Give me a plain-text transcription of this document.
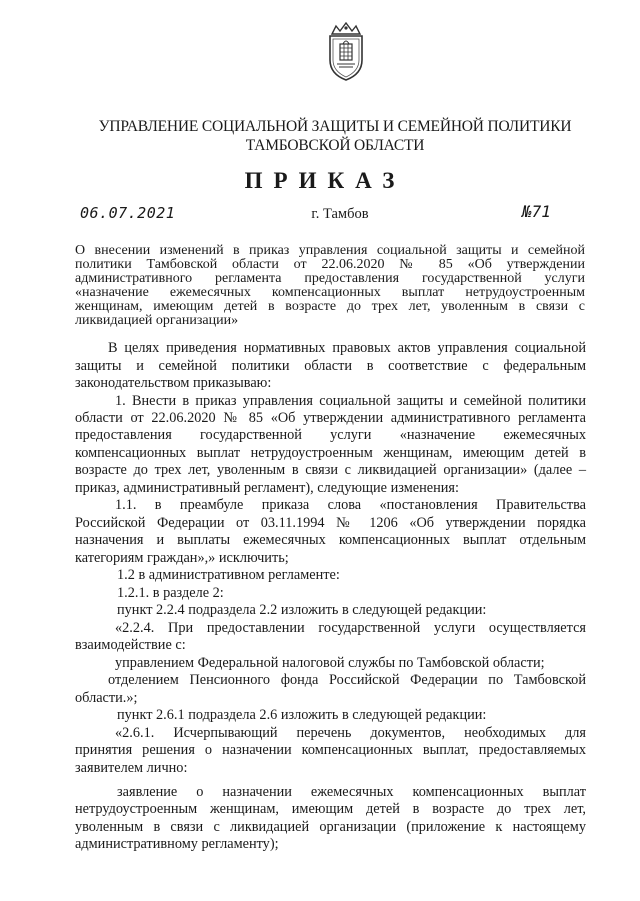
УПРАВЛЕНИЕ СОЦИАЛЬНОЙ ЗАЩИТЫ И СЕМЕЙНОЙ ПОЛИТИКИ
ТАМБОВСКОЙ ОБЛАСТИ
ПРИКАЗ
06.07.2021	г. Тамбов	№71
О внесении изменений в приказ управления социальной защиты и семейной
политики Тамбовской области от 22.06.2020 № 85 «Об утверждении
административного регламента предоставления государственной услуги
«назначение ежемесячных компенсационных выплат нетрудоустроенным
женщинам, имеющим детей в возрасте до трех лет, уволенным в связи с
ликвидацией организации»
В целях приведения нормативных правовых актов управления социальной
защиты и семейной политики области в соответствие с федеральным
законодательством приказываю:
1. Внести в приказ управления социальной защиты и семейной политики
области от 22.06.2020 № 85 «Об утверждении административного регламента
предоставления государственной услуги «назначение ежемесячных
компенсационных выплат нетрудоустроенным женщинам, имеющим детей в
возрасте до трех лет, уволенным в связи с ликвидацией организации» (далее –
приказ, административный регламент), следующие изменения:
1.1. в преамбуле приказа слова «постановления Правительства
Российской Федерации от 03.11.1994 № 1206 «Об утверждении порядка
назначения и выплаты ежемесячных компенсационных выплат отдельным
категориям граждан»,» исключить;
1.2 в административном регламенте:
1.2.1. в разделе 2:
пункт 2.2.4 подраздела 2.2 изложить в следующей редакции:
«2.2.4. При предоставлении государственной услуги осуществляется
взаимодействие с:
управлением Федеральной налоговой службы по Тамбовской области;
отделением Пенсионного фонда Российской Федерации по Тамбовской
области.»;
пункт 2.6.1 подраздела 2.6 изложить в следующей редакции:
«2.6.1. Исчерпывающий перечень документов, необходимых для
принятия решения о назначении компенсационных выплат, предоставляемых
заявителем лично:
заявление о назначении ежемесячных компенсационных выплат
нетрудоустроенным женщинам, имеющим детей в возрасте до трех лет,
уволенным в связи с ликвидацией организации (приложение к настоящему
административному регламенту);
